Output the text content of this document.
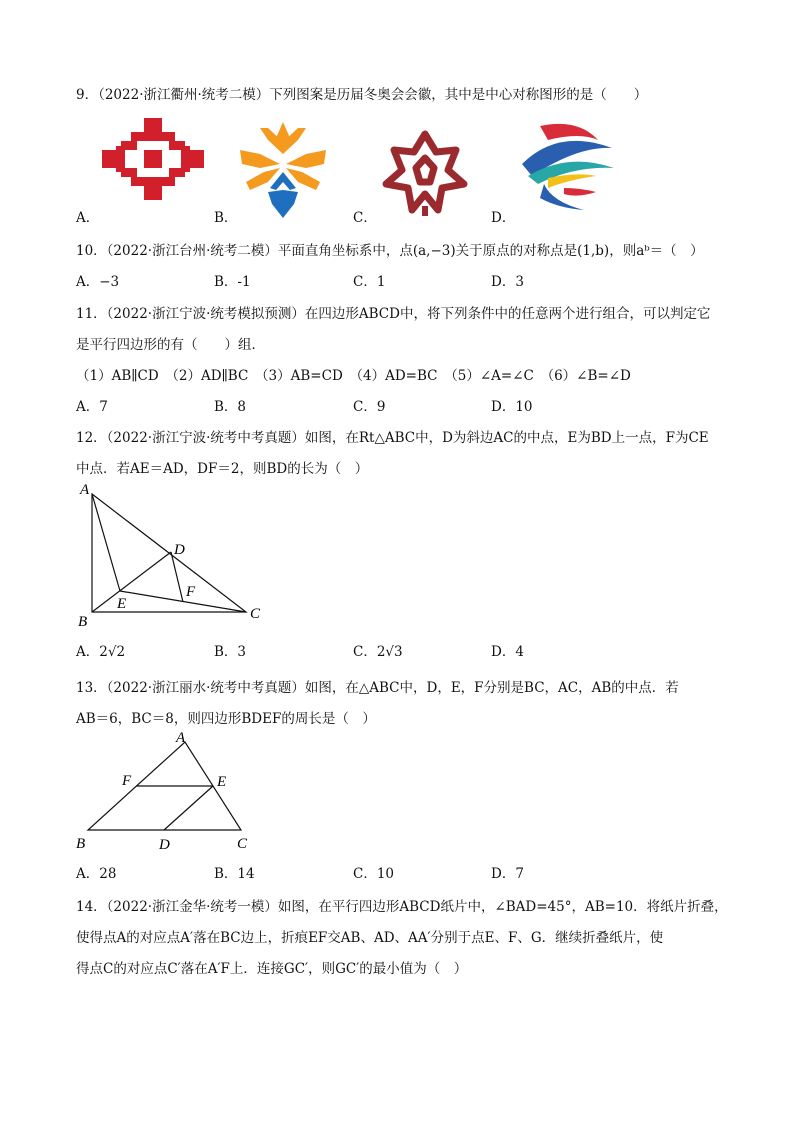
9．（2022·浙江衢州·统考二模）下列图案是历届冬奥会会徽，其中是中心对称图形的是（　　）
A．	B．	C．	D．
10．（2022·浙江台州·统考二模）平面直角坐标系中，点(a,−3)关于原点的对称点是(1,b)，则aᵇ＝（　）
A．−3	B．-1	C．1	D．3
11．（2022·浙江宁波·统考模拟预测）在四边形ABCD中，将下列条件中的任意两个进行组合，可以判定它
是平行四边形的有（　　）组．
（1）AB∥CD　（2）AD∥BC　（3）AB=CD　（4）AD=BC　（5）∠A=∠C　（6）∠B=∠D
A．7	B．8	C．9	D．10
12．（2022·浙江宁波·统考中考真题）如图，在Rt△ABC中，D为斜边AC的中点，E为BD上一点，F为CE
中点．若AE＝AD，DF＝2，则BD的长为（　）
A
B	C
D
E
F
A．2√2	B．3	C．2√3	D．4
13．（2022·浙江丽水·统考中考真题）如图，在△ABC中，D，E，F分别是BC，AC，AB的中点．若
AB＝6，BC＝8，则四边形BDEF的周长是（　）
A
B	C
D
E
F
A．28	B．14	C．10	D．7
14．（2022·浙江金华·统考一模）如图，在平行四边形ABCD纸片中，∠BAD=45°，AB=10．将纸片折叠，
使得点A的对应点A′落在BC边上，折痕EF交AB、AD、AA′分别于点E、F、G．继续折叠纸片，使
得点C的对应点C′落在A′F上．连接GC′，则GC′的最小值为（　）
